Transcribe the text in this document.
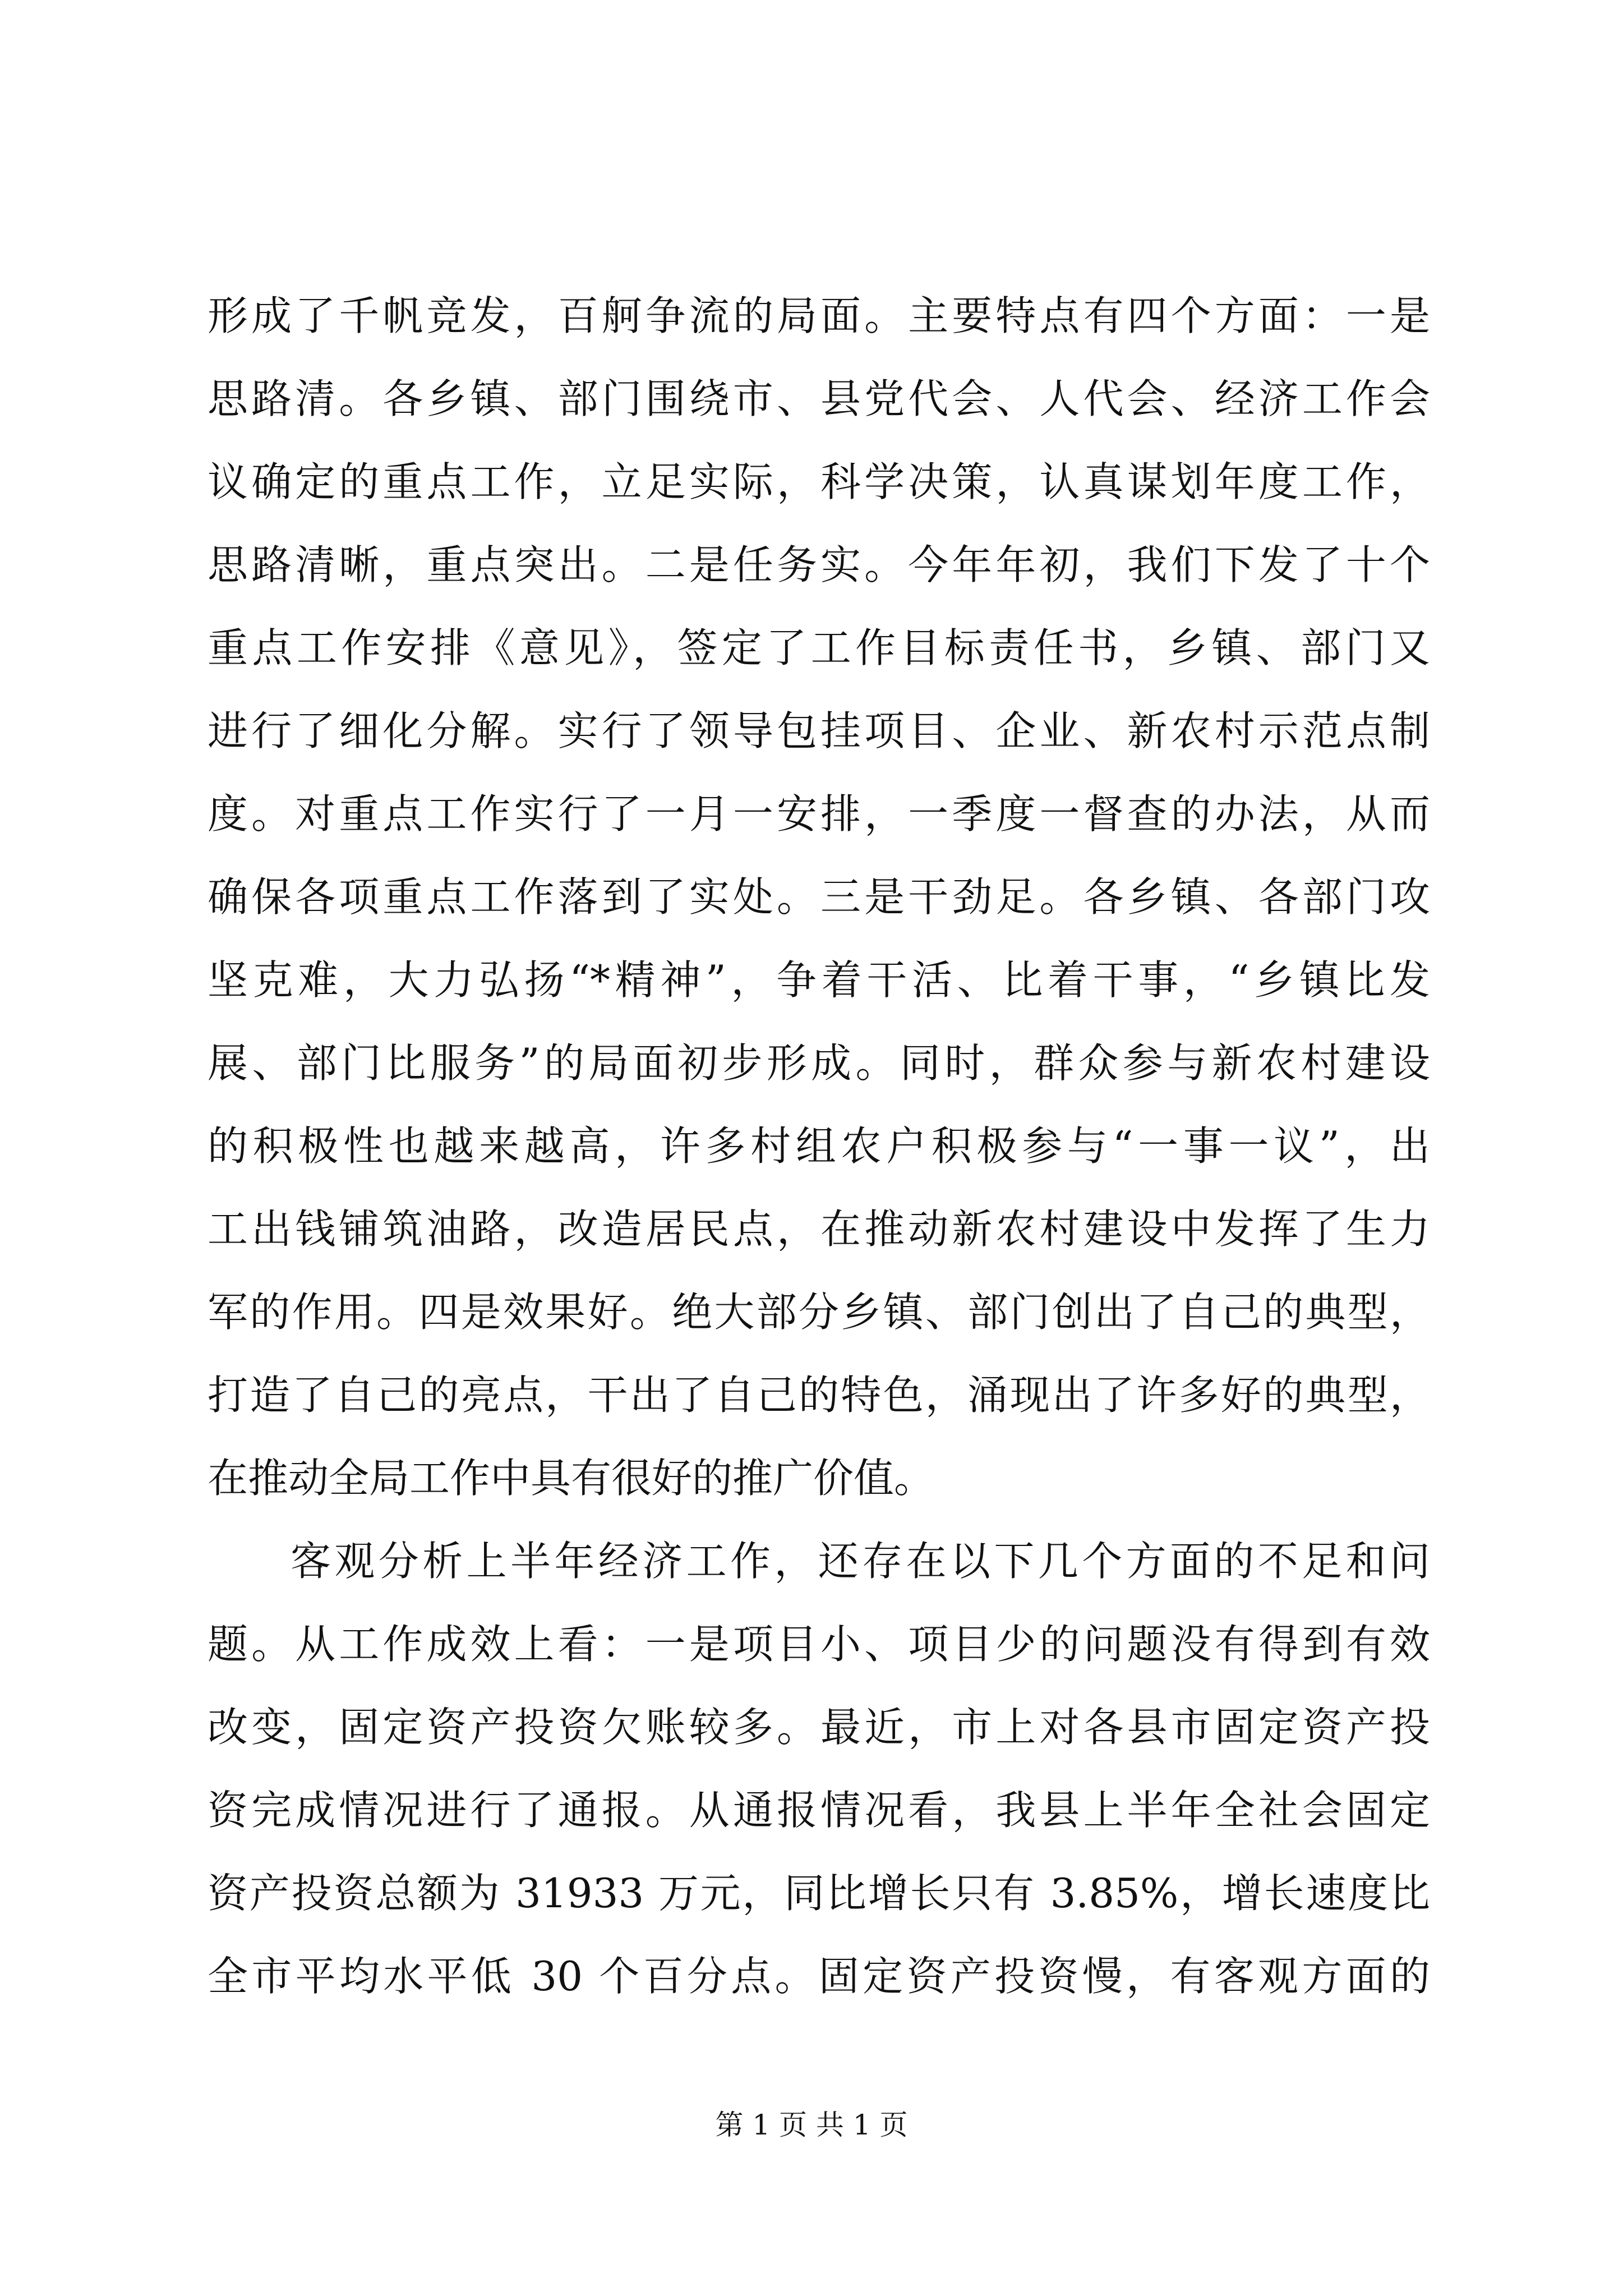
形成了千帆竞发，百舸争流的局面。主要特点有四个方面：一是
思路清。各乡镇、部门围绕市、县党代会、人代会、经济工作会
议确定的重点工作，立足实际，科学决策，认真谋划年度工作，
思路清晰，重点突出。二是任务实。今年年初，我们下发了十个
重点工作安排《意见》，签定了工作目标责任书，乡镇、部门又
进行了细化分解。实行了领导包挂项目、企业、新农村示范点制
度。对重点工作实行了一月一安排，一季度一督查的办法，从而
确保各项重点工作落到了实处。三是干劲足。各乡镇、各部门攻
坚克难，大力弘扬“*精神”，争着干活、比着干事，“乡镇比发
展、部门比服务”的局面初步形成。同时，群众参与新农村建设
的积极性也越来越高，许多村组农户积极参与“一事一议”，出
工出钱铺筑油路，改造居民点，在推动新农村建设中发挥了生力
军的作用。四是效果好。绝大部分乡镇、部门创出了自己的典型，
打造了自己的亮点，干出了自己的特色，涌现出了许多好的典型，
在推动全局工作中具有很好的推广价值。
客观分析上半年经济工作，还存在以下几个方面的不足和问
题。从工作成效上看：一是项目小、项目少的问题没有得到有效
改变，固定资产投资欠账较多。最近，市上对各县市固定资产投
资完成情况进行了通报。从通报情况看，我县上半年全社会固定
资产投资总额为 31933 万元，同比增长只有 3.85%，增长速度比
全市平均水平低 30 个百分点。固定资产投资慢，有客观方面的
第 1 页 共 1 页
